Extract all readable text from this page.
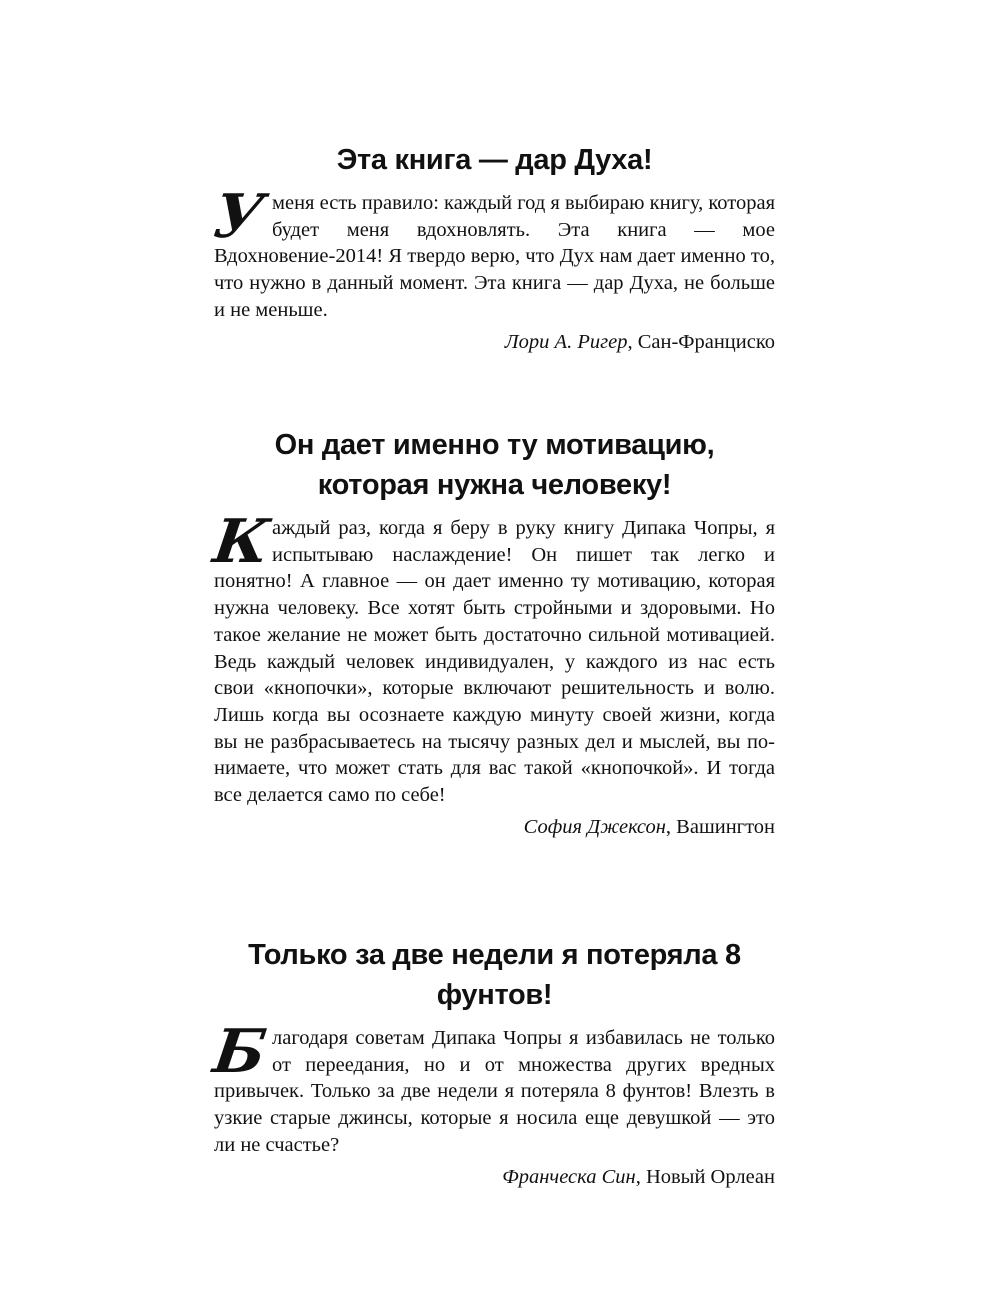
Эта книга — дар Духа!

Уменя есть правило: каждый год я выбираю книгу, которая будет меня вдохновлять. Эта книга — мое Вдохновение-2014! Я твердо верю, что Дух нам дает именно то, что нужно в данный момент. Эта книга — дар Духа, не больше и не меньше.

Лори А. Ригер, Сан-Франциско

Он дает именно ту мотивацию,
которая нужна человеку!

К
аждый раз, когда я беру в руку книгу Дипака Чопры, я испытываю наслаждение! Он пишет так легко и понятно! А главное — он дает именно ту мотивацию, которая нужна человеку. Все хотят быть стройными и здоровыми. Но такое желание не может быть достаточно сильной мотивацией. Ведь каждый человек индивидуален, у каждого из нас есть свои «кнопочки», которые включают решительность и волю. Лишь когда вы осознаете каждую минуту своей жизни, когда вы не разбрасываетесь на тысячу разных дел и мыслей, вы понимаете, что может стать для вас такой «кнопочкой». И тогда все делается само по себе!

София Джексон, Вашингтон

Только за две недели я потеряла 8 фунтов!

Благодаря советам Дипака Чопры я избавилась не только от переедания, но и от множества других вредных привычек. Только за две недели я потеряла 8 фунтов! Влезть в узкие старые джинсы, которые я носила еще девушкой — это ли не счастье?

Франческа Син, Новый Орлеан
